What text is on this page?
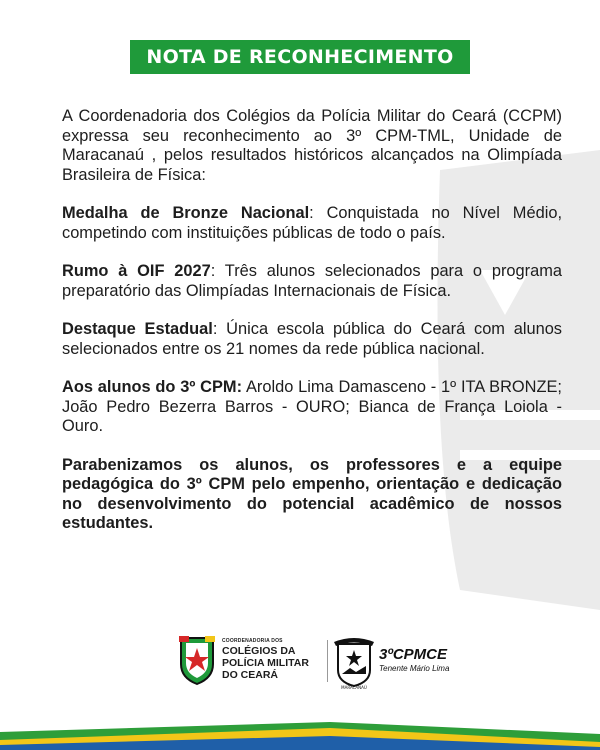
NOTA DE RECONHECIMENTO

A Coordenadoria dos Colégios da Polícia Militar do Ceará (CCPM) expressa seu reconhecimento ao 3º CPM-TML, Unidade de Maracanaú , pelos resultados históricos alcançados na Olimpíada Brasileira de Física:

Medalha de Bronze Nacional: Conquistada no Nível Médio, competindo com instituições públicas de todo o país.

Rumo à OIF 2027: Três alunos selecionados para o programa preparatório das Olimpíadas Internacionais de Física.

Destaque Estadual: Única escola pública do Ceará com alunos selecionados entre os 21 nomes da rede pública nacional.

Aos alunos do 3º CPM: Aroldo Lima Damasceno - 1º ITA BRONZE; João Pedro Bezerra Barros - OURO; Bianca de França Loiola - Ouro.

Parabenizamos os alunos, os professores e a equipe pedagógica do 3º CPM pelo empenho, orientação e dedicação no desenvolvimento do potencial acadêmico de nossos estudantes.

COORDENADORIA DOS
COLÉGIOS DA
POLÍCIA MILITAR
DO CEARÁ
MARACANAÚ
3ºCPMCE
Tenente Mário Lima
